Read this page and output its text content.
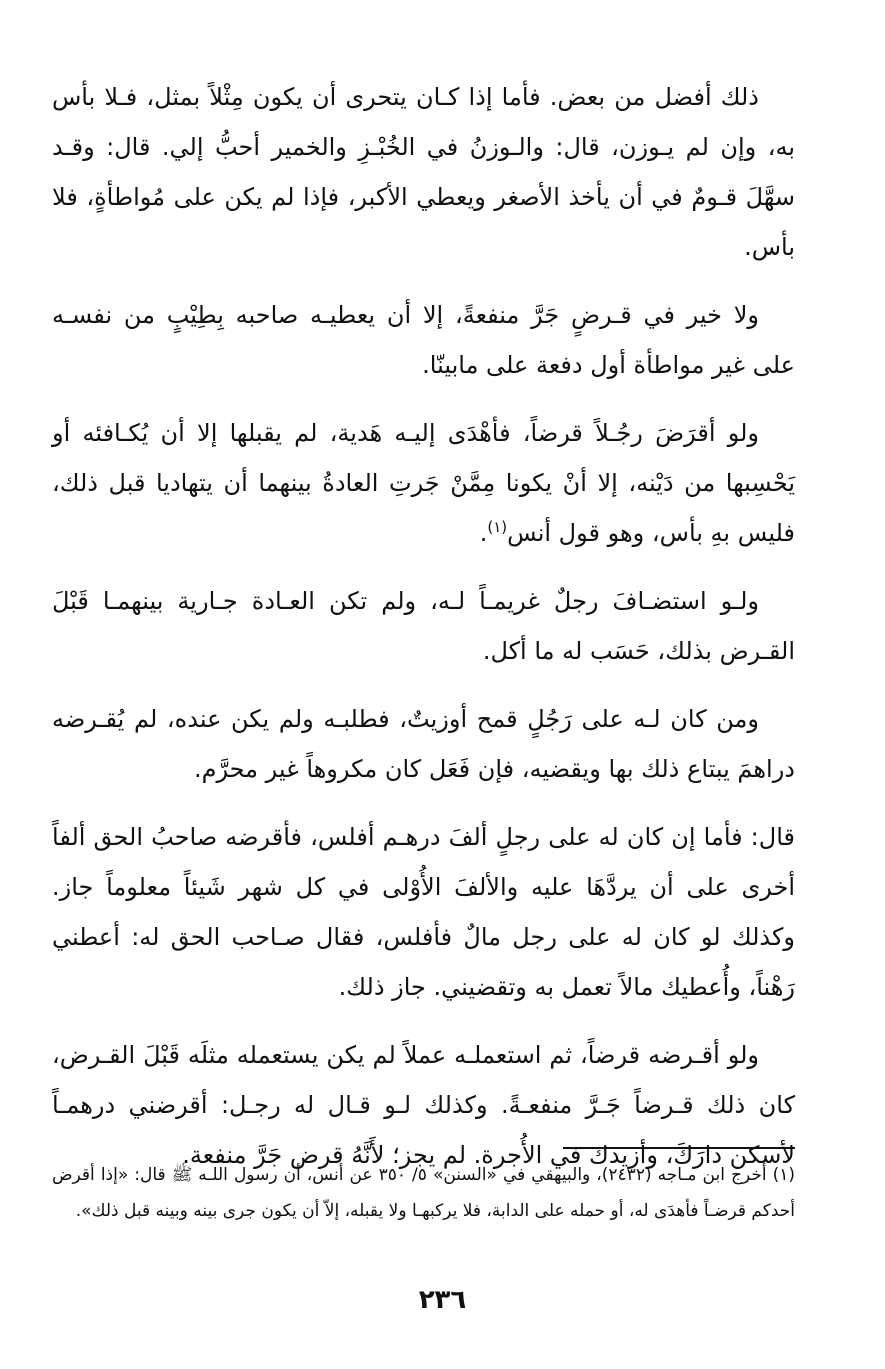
ذلك أفضل من بعض. فأما إذا كـان يتحرى أن يكون مِثْلاً بمثل، فـلا بأس به، وإن لم يـوزن، قال: والـوزنُ في الخُبْـزِ والخمير أحبُّ إلي. قال: وقـد سهَّلَ قـومٌ في أن يأخذ الأصغر ويعطي الأكبر، فإذا لم يكن على مُواطأةٍ، فلا بأس.

ولا خير في قـرضٍ جَرَّ منفعةً، إلا أن يعطيـه صاحبه بِطِيْبٍ من نفسـه على غير مواطأة أول دفعة على مابينّا.

ولو أقرَضَ رجُـلاً قرضاً، فأهْدَى إليـه هَدية، لم يقبلها إلا أن يُكـافئه أو يَحْسِبها من دَيْنه، إلا أنْ يكونا مِمَّنْ جَرتِ العادةُ بينهما أن يتهاديا قبل ذلك، فليس بهِ بأس، وهو قول أنس$^{(١)}$.

ولـو استضـافَ رجلٌ غريمـاً لـه، ولم تكن العـادة جـارية بينهمـا قَبْلَ القـرض بذلك، حَسَب له ما أكل.

ومن كان لـه على رَجُلٍ قمح أوزيتٌ، فطلبـه ولم يكن عنده، لم يُقـرضه دراهمَ يبتاع ذلك بها ويقضيه، فإن فَعَل كان مكروهاً غير محرَّم.

قال: فأما إن كان له على رجلٍ ألفَ درهـم أفلس، فأقرضه صاحبُ الحق ألفاً أخرى على أن يردَّهَا عليه والألفَ الأُوْلى في كل شهر شَيئاً معلوماً جاز. وكذلك لو كان له على رجل مالٌ فأفلس، فقال صـاحب الحق له: أعطني رَهْناً، وأُعطيك مالاً تعمل به وتقضيني. جاز ذلك.

ولو أقـرضه قرضاً، ثم استعملـه عملاً لم يكن يستعمله مثلَه قَبْلَ القـرض، كان ذلك قـرضاً جَـرَّ منفعـةً. وكذلك لـو قـال له رجـل: أقرضني درهمـاً لأسكن دارَكَ، وأزيدك في الأُجرة. لم يجز؛ لأَنَّهُ قرض جَرَّ منفعة.

(١) أخرج ابن مـاجه (٢٤٣٢)، والبيهقي في «السنن» ٥/ ٣٥٠ عن أنس، أن رسول اللـه ﷺ قال: «إذا أقرض أحدكم قرضـاً فأهدَى له، أو حمله على الدابة، فلا يركبهـا ولا يقبله، إلاّ أن يكون جرى بينه وبينه قبل ذلك».

٢٣٦
